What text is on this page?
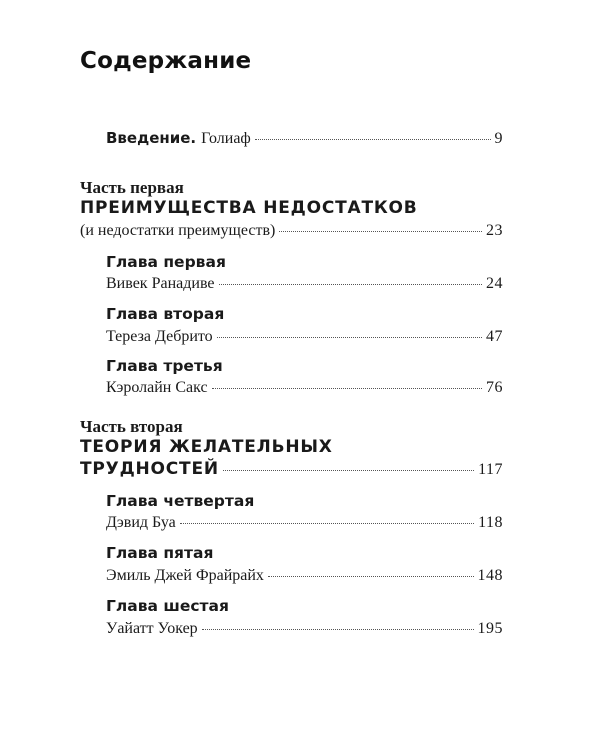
Содержание
Введение. Голиаф	9
Часть первая
ПРЕИМУЩЕСТВА НЕДОСТАТКОВ
(и недостатки преимуществ)	23
Глава первая
Вивек Ранадиве	24
Глава вторая
Тереза Дебрито	47
Глава третья
Кэролайн Сакс	76
Часть вторая
ТЕОРИЯ ЖЕЛАТЕЛЬНЫХ
ТРУДНОСТЕЙ	117
Глава четвертая
Дэвид Буа	118
Глава пятая
Эмиль Джей Фрайрайх	148
Глава шестая
Уайатт Уокер	195
